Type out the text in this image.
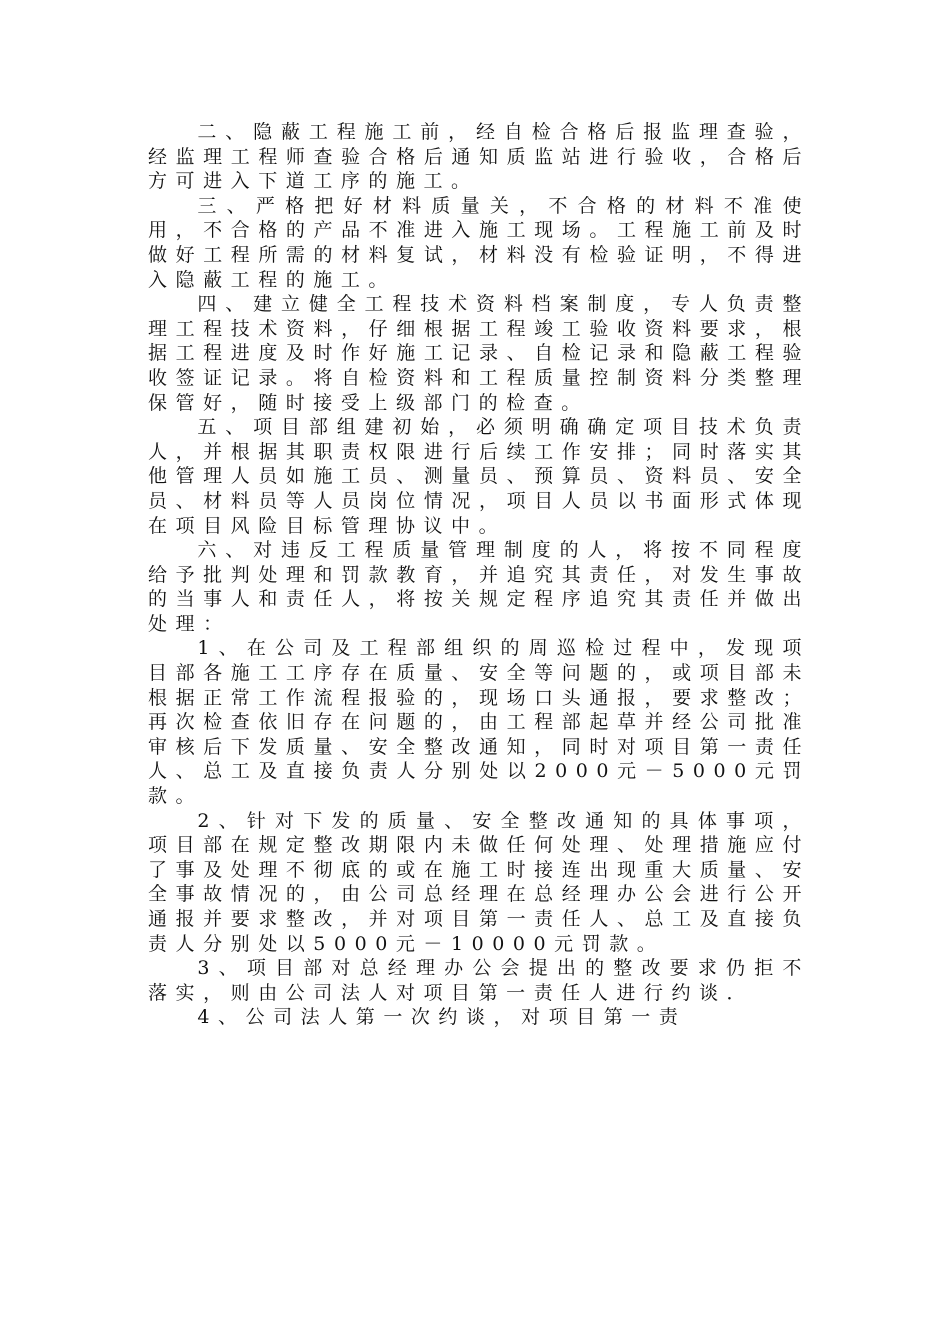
二、隐蔽工程施工前，经自检合格后报监理查验，经监理工程师查验合格后通知质监站进行验收，合格后方可进入下道工序的施工。

三、严格把好材料质量关，不合格的材料不准使用，不合格的产品不准进入施工现场。工程施工前及时做好工程所需的材料复试，材料没有检验证明，不得进入隐蔽工程的施工。

四、建立健全工程技术资料档案制度，专人负责整理工程技术资料，仔细根据工程竣工验收资料要求，根据工程进度及时作好施工记录、自检记录和隐蔽工程验收签证记录。将自检资料和工程质量控制资料分类整理保管好，随时接受上级部门的检查。

五、项目部组建初始，必须明确确定项目技术负责人，并根据其职责权限进行后续工作安排；同时落实其他管理人员如施工员、测量员、预算员、资料员、安全员、材料员等人员岗位情况，项目人员以书面形式体现在项目风险目标管理协议中。

六、对违反工程质量管理制度的人，将按不同程度给予批判处理和罚款教育，并追究其责任，对发生事故的当事人和责任人，将按关规定程序追究其责任并做出处理：

1、在公司及工程部组织的周巡检过程中，发现项目部各施工工序存在质量、安全等问题的，或项目部未根据正常工作流程报验的，现场口头通报，要求整改；再次检查依旧存在问题的，由工程部起草并经公司批准审核后下发质量、安全整改通知，同时对项目第一责任人、总工及直接负责人分别处以2000元－5000元罚款。

2、针对下发的质量、安全整改通知的具体事项，项目部在规定整改期限内未做任何处理、处理措施应付了事及处理不彻底的或在施工时接连出现重大质量、安全事故情况的，由公司总经理在总经理办公会进行公开通报并要求整改，并对项目第一责任人、总工及直接负责人分别处以5000元－10000元罚款。

3、项目部对总经理办公会提出的整改要求仍拒不落实，则由公司法人对项目第一责任人进行约谈．

4、公司法人第一次约谈，对项目第一责
